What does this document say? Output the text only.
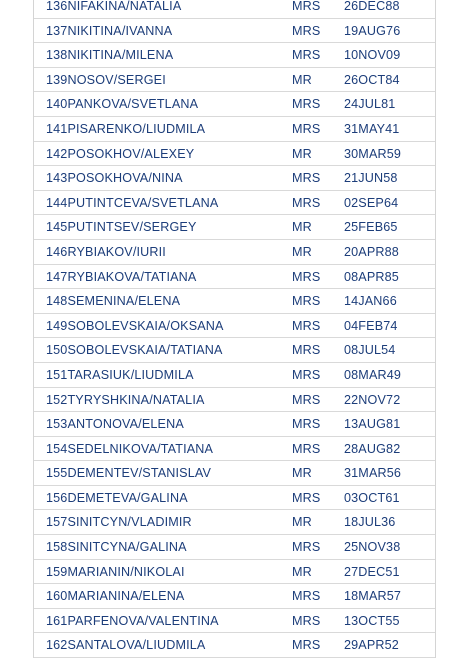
136NIFAKINA/NATALIA	MRS 26DEC88
137NIKITINA/IVANNA	MRS 19AUG76
138NIKITINA/MILENA	MRS 10NOV09
139NOSOV/SERGEI	MR	26OCT84
140PANKOVA/SVETLANA	MRS 24JUL81
141PISARENKO/LIUDMILA	MRS 31MAY41
142POSOKHOV/ALEXEY	MR	30MAR59
143POSOKHOVA/NINA	MRS 21JUN58
144PUTINTCEVA/SVETLANA	MRS 02SEP64
145PUTINTSEV/SERGEY	MR	25FEB65
146RYBIAKOV/IURII	MR	20APR88
147RYBIAKOVA/TATIANA	MRS 08APR85
148SEMENINA/ELENA	MRS 14JAN66
149SOBOLEVSKAIA/OKSANA	MRS 04FEB74
150SOBOLEVSKAIA/TATIANA	MRS 08JUL54
151TARASIUK/LIUDMILA	MRS 08MAR49
152TYRYSHKINA/NATALIA	MRS 22NOV72
153ANTONOVA/ELENA	MRS 13AUG81
154SEDELNIKOVA/TATIANA	MRS 28AUG82
155DEMENTEV/STANISLAV	MR	31MAR56
156DEMETEVA/GALINA	MRS 03OCT61
157SINITCYN/VLADIMIR	MR	18JUL36
158SINITCYNA/GALINA	MRS 25NOV38
159MARIANIN/NIKOLAI	MR	27DEC51
160MARIANINA/ELENA	MRS 18MAR57
161PARFENOVA/VALENTINA	MRS 13OCT55
162SANTALOVA/LIUDMILA	MRS 29APR52
